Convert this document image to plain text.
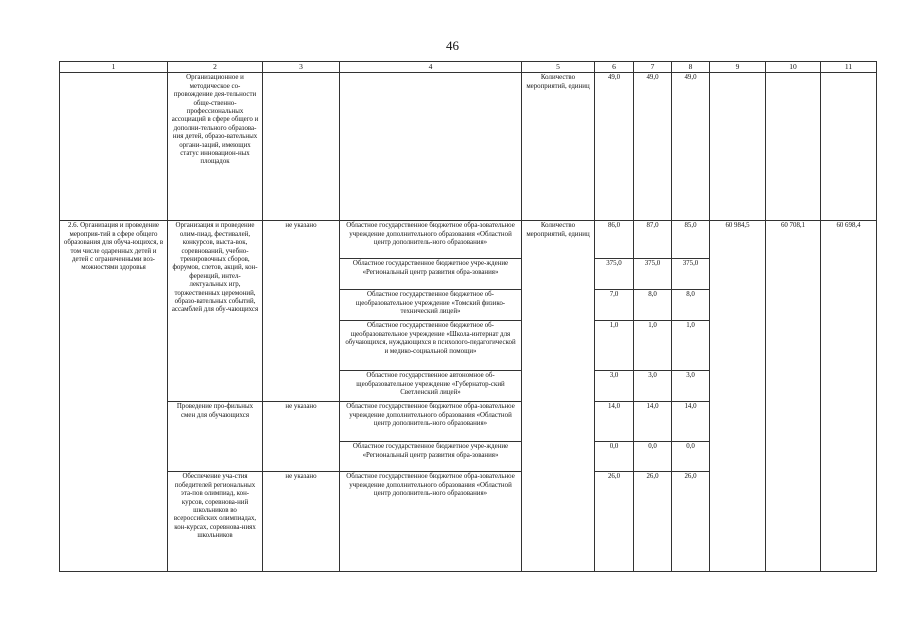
46
1	2	3	4	5	6	7	8	9	10	11
	Организационное и методическое со-провождение дея-тельности обще-ственно-профессиональных ассоциаций в сфере общего и дополни-тельного образова-ния детей, образо-вательных органи-заций, имеющих статус инновацион-ных площадок			Количество мероприятий, единиц	49,0	49,0	49,0			
2.6. Организация и проведение мероприя-тий в сфере общего образования для обуча-ющихся, в том числе одаренных детей и детей с ограниченными воз-можностями здоровья	Организация и проведение олим-пиад, фестивалей, конкурсов, выста-вок, соревнований, учебно-тренировочных сборов, форумов, слетов, акций, кон-ференций, интел-лектуальных игр, торжественных церемоний, образо-вательных событий, ассамблей для обу-чающихся	не указано	Областное государственное бюджетное обра-зовательное учреждение дополнительного образования «Областной центр дополнитель-ного образования»	Количество мероприятий, единиц	86,0	87,0	85,0	60 984,5	60 708,1	60 698,4
			Областное государственное бюджетное учре-ждение «Региональный центр развития обра-зования»		375,0	375,0	375,0			
			Областное государственное бюджетное об-щеобразовательное учреждение «Томский физико-технический лицей»		7,0	8,0	8,0			
			Областное государственное бюджетное об-щеобразовательное учреждение «Школа-интернат для обучающихся, нуждающихся в психолого-педагогической и медико-социальной помощи»		1,0	1,0	1,0			
			Областное государственное автономное об-щеобразовательное учреждение «Губернатор-ский Светленский лицей»		3,0	3,0	3,0			
	Проведение про-фильных смен для обучающихся	не указано	Областное государственное бюджетное обра-зовательное учреждение дополнительного образования «Областной центр дополнитель-ного образования»		14,0	14,0	14,0			
			Областное государственное бюджетное учре-ждение «Региональный центр развития обра-зования»		0,0	0,0	0,0			
	Обеспечение уча-стия победителей региональных эта-пов олимпиад, кон-курсов, соревнова-ний школьников во всероссийских олимпиадах, кон-курсах, соревнова-ниях школьников	не указано	Областное государственное бюджетное обра-зовательное учреждение дополнительного образования «Областной центр дополнитель-ного образования»		26,0	26,0	26,0			
